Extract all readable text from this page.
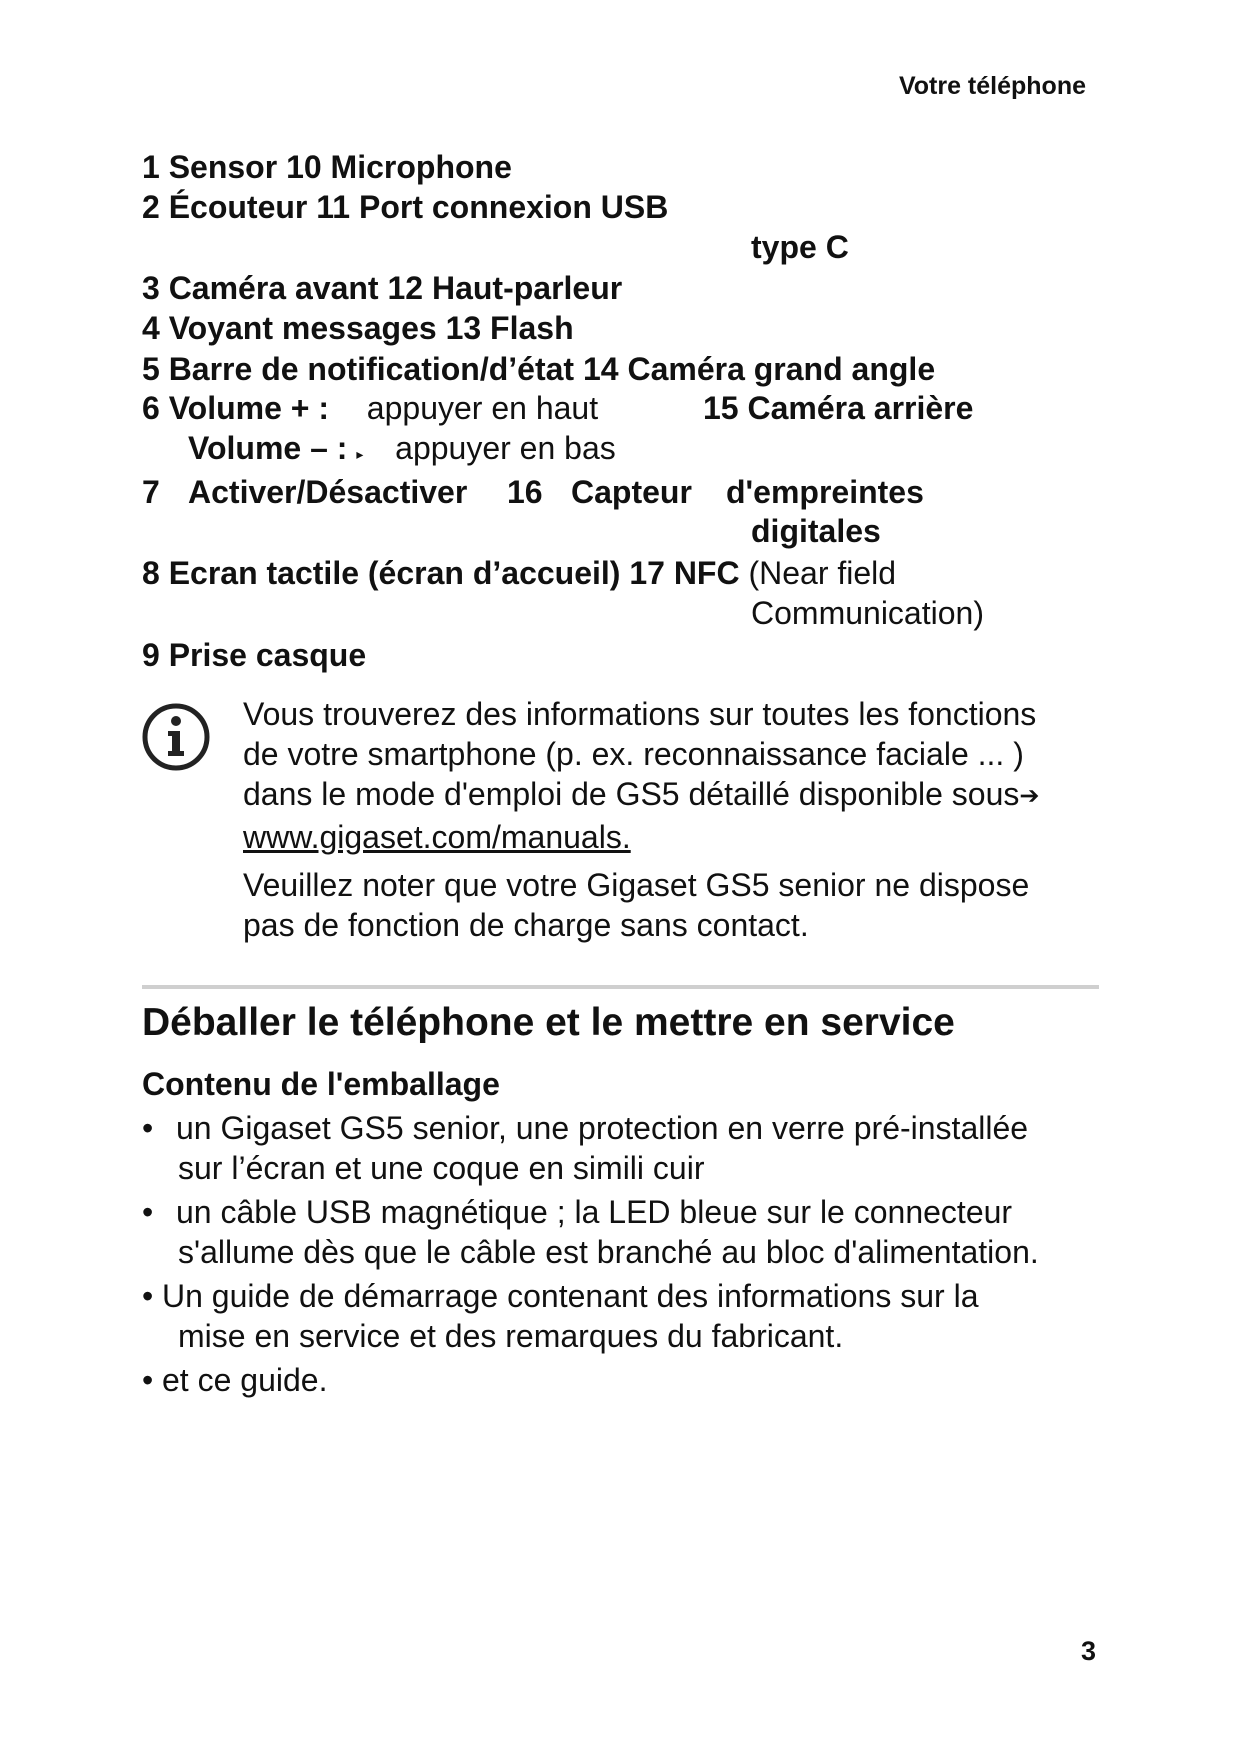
Votre téléphone
1 Sensor 10 Microphone
2 Écouteur 11 Port connexion USB
type C
3 Caméra avant 12 Haut-parleur
4 Voyant messages 13 Flash
5 Barre de notification/d’état 14 Caméra grand angle
6 Volume + : appuyer en haut	15 Caméra arrière
Volume – : ▸ appuyer en bas
7 Activer/Désactiver 16 Capteur d'empreintes
digitales
8 Ecran tactile (écran d’accueil) 17 NFC (Near field
Communication)
9 Prise casque

Vous trouverez des informations sur toutes les fonctions

de votre smartphone (p. ex. reconnaissance faciale ... )

dans le mode d'emploi de GS5 détaillé disponible sous➔

www.gigaset.com/manuals.

Veuillez noter que votre Gigaset GS5 senior ne dispose

pas de fonction de charge sans contact.

Déballer le téléphone et le mettre en service
Contenu de l'emballage
• un Gigaset GS5 senior, une protection en verre pré-installée
sur l’écran et une coque en simili cuir
• un câble USB magnétique ; la LED bleue sur le connecteur
s'allume dès que le câble est branché au bloc d'alimentation.
• Un guide de démarrage contenant des informations sur la
mise en service et des remarques du fabricant.
• et ce guide.
3
